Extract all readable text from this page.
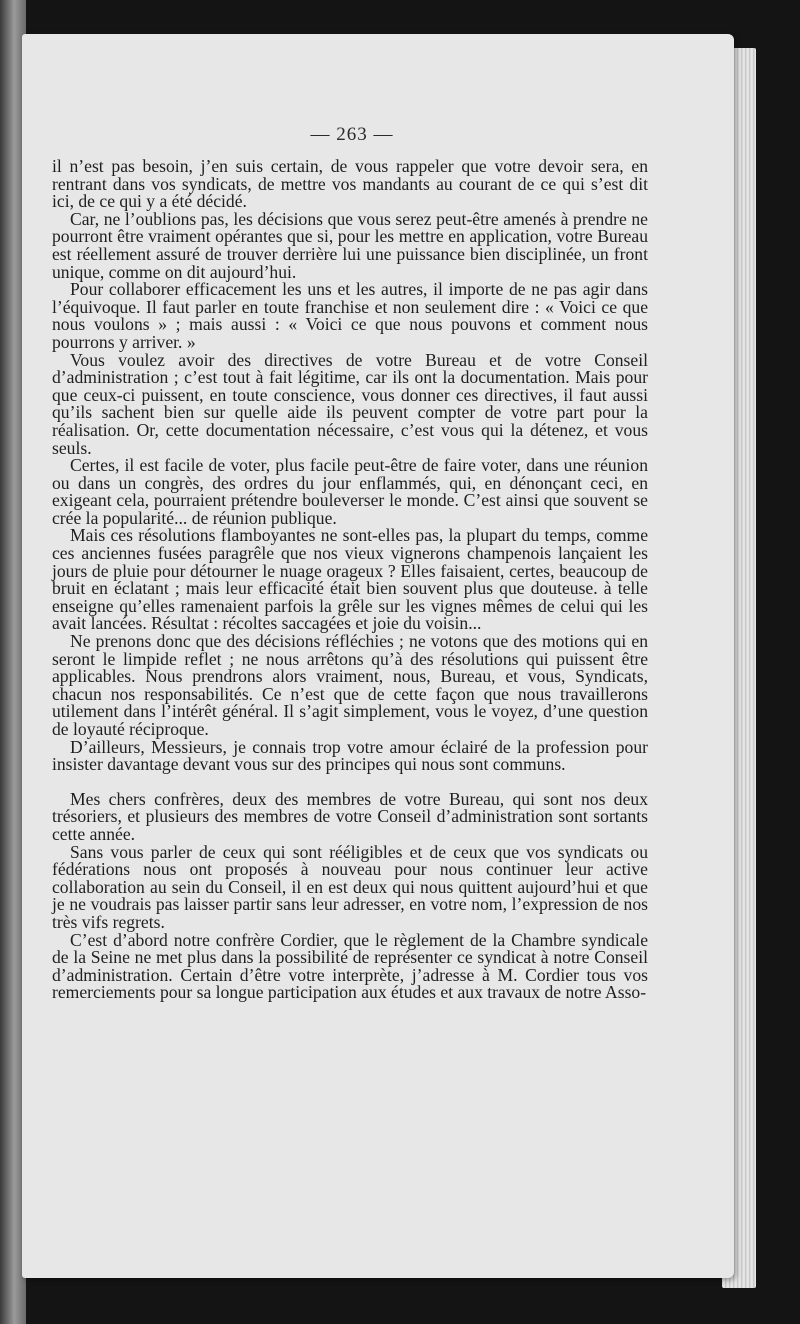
— 263 —

il n’est pas besoin, j’en suis certain, de vous rappeler que votre devoir sera, en rentrant dans vos syndicats, de mettre vos mandants au courant de ce qui s’est dit ici, de ce qui y a été décidé.

Car, ne l’oublions pas, les décisions que vous serez peut-être amenés à prendre ne pourront être vraiment opérantes que si, pour les mettre en application, votre Bureau est réellement assuré de trouver derrière lui une puissance bien disciplinée, un front unique, comme on dit aujourd’hui.

Pour collaborer efficacement les uns et les autres, il importe de ne pas agir dans l’équivoque. Il faut parler en toute franchise et non seulement dire : « Voici ce que nous voulons » ; mais aussi : « Voici ce que nous pouvons et comment nous pourrons y arriver. »

Vous voulez avoir des directives de votre Bureau et de votre Conseil d’administration ; c’est tout à fait légitime, car ils ont la documentation. Mais pour que ceux-ci puissent, en toute conscience, vous donner ces directives, il faut aussi qu’ils sachent bien sur quelle aide ils peuvent compter de votre part pour la réalisation. Or, cette documentation nécessaire, c’est vous qui la détenez, et vous seuls.

Certes, il est facile de voter, plus facile peut-être de faire voter, dans une réunion ou dans un congrès, des ordres du jour enflammés, qui, en dénonçant ceci, en exigeant cela, pourraient prétendre bouleverser le monde. C’est ainsi que souvent se crée la popularité... de réunion publique.

Mais ces résolutions flamboyantes ne sont-elles pas, la plupart du temps, comme ces anciennes fusées paragrêle que nos vieux vignerons champenois lançaient les jours de pluie pour détourner le nuage orageux ? Elles faisaient, certes, beaucoup de bruit en éclatant ; mais leur efficacité était bien souvent plus que douteuse. à telle enseigne qu’elles ramenaient parfois la grêle sur les vignes mêmes de celui qui les avait lancées. Résultat : récoltes saccagées et joie du voisin...

Ne prenons donc que des décisions réfléchies ; ne votons que des motions qui en seront le limpide reflet ; ne nous arrêtons qu’à des résolutions qui puissent être applicables. Nous prendrons alors vraiment, nous, Bureau, et vous, Syndicats, chacun nos responsabilités. Ce n’est que de cette façon que nous travaillerons utilement dans l’intérêt général. Il s’agit simplement, vous le voyez, d’une question de loyauté réciproque.

D’ailleurs, Messieurs, je connais trop votre amour éclairé de la profession pour insister davantage devant vous sur des principes qui nous sont communs.

Mes chers confrères, deux des membres de votre Bureau, qui sont nos deux trésoriers, et plusieurs des membres de votre Conseil d’administration sont sortants cette année.

Sans vous parler de ceux qui sont rééligibles et de ceux que vos syndicats ou fédérations nous ont proposés à nouveau pour nous continuer leur active collaboration au sein du Conseil, il en est deux qui nous quittent aujourd’hui et que je ne voudrais pas laisser partir sans leur adresser, en votre nom, l’expression de nos très vifs regrets.

C’est d’abord notre confrère Cordier, que le règlement de la Chambre syndicale de la Seine ne met plus dans la possibilité de représenter ce syndicat à notre Conseil d’administration. Certain d’être votre interprète, j’adresse à M. Cordier tous vos remerciements pour sa longue participation aux études et aux travaux de notre Asso-
